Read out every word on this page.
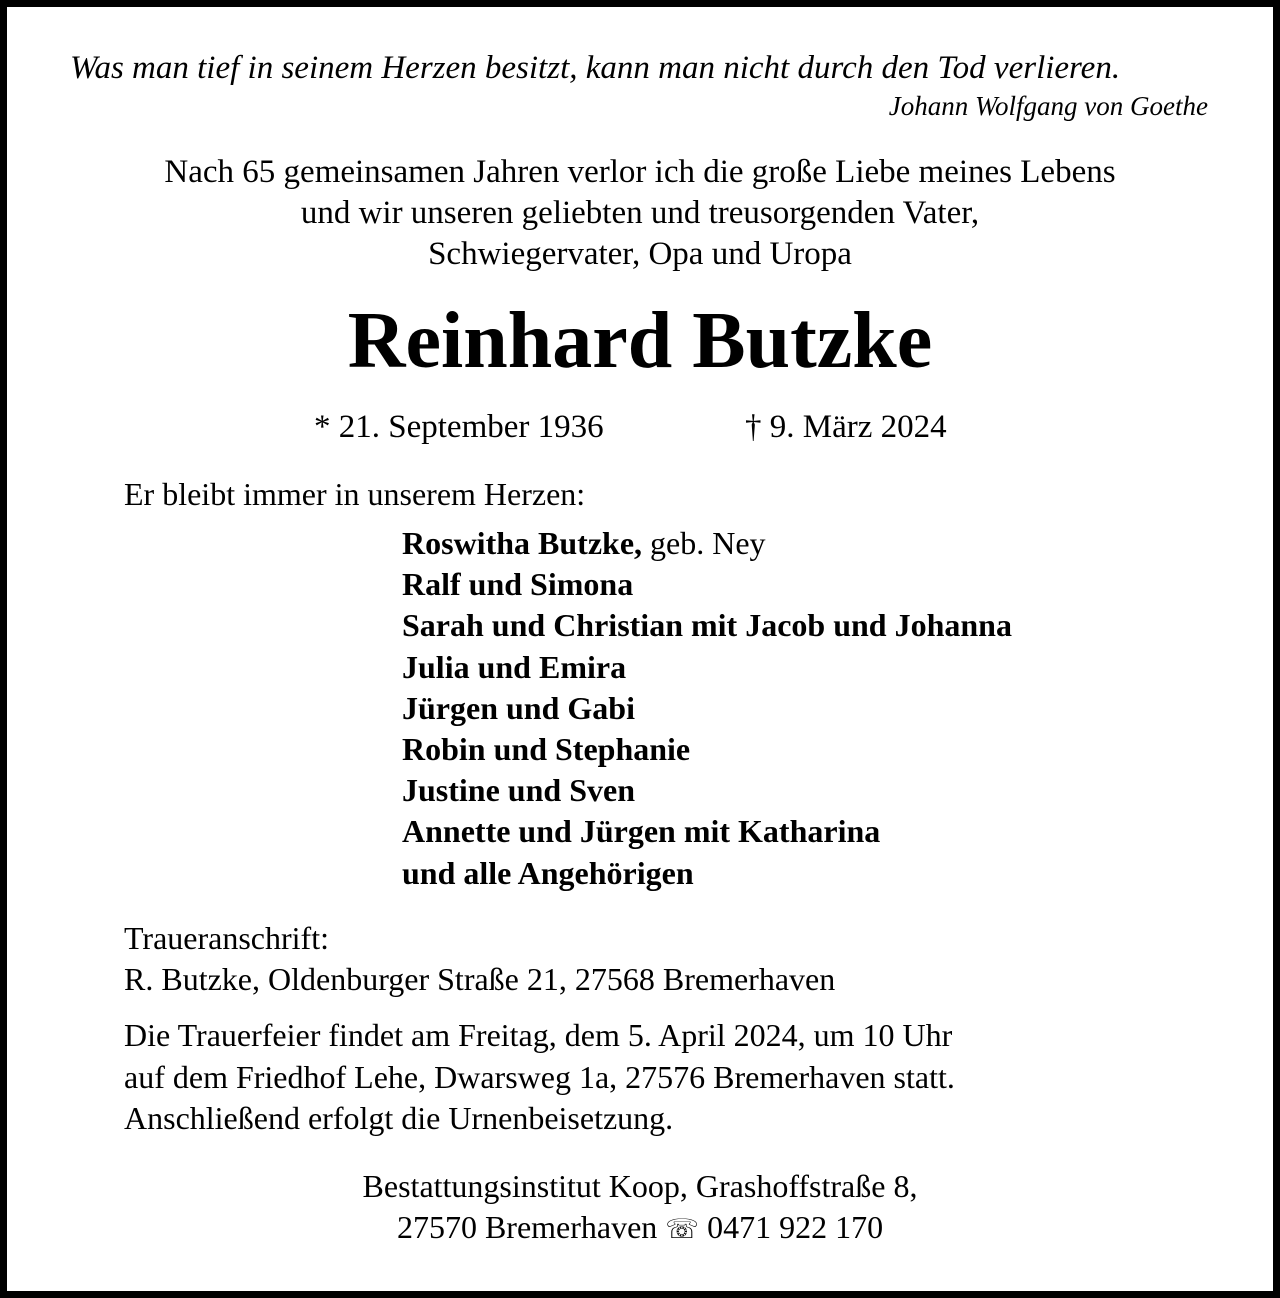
Was man tief in seinem Herzen besitzt, kann man nicht durch den Tod verlieren.
Johann Wolfgang von Goethe
Nach 65 gemeinsamen Jahren verlor ich die große Liebe meines Lebens
und wir unseren geliebten und treusorgenden Vater,
Schwiegervater, Opa und Uropa
Reinhard Butzke
* 21. September 1936	† 9. März 2024
Er bleibt immer in unserem Herzen:
Roswitha Butzke, geb. Ney
Ralf und Simona
Sarah und Christian mit Jacob und Johanna
Julia und Emira
Jürgen und Gabi
Robin und Stephanie
Justine und Sven
Annette und Jürgen mit Katharina
und alle Angehörigen
Traueranschrift:
R. Butzke, Oldenburger Straße 21, 27568 Bremerhaven
Die Trauerfeier findet am Freitag, dem 5. April 2024, um 10 Uhr
auf dem Friedhof Lehe, Dwarsweg 1a, 27576 Bremerhaven statt.
Anschließend erfolgt die Urnenbeisetzung.
Bestattungsinstitut Koop, Grashoffstraße 8,
27570 Bremerhaven ☏ 0471 922 170
